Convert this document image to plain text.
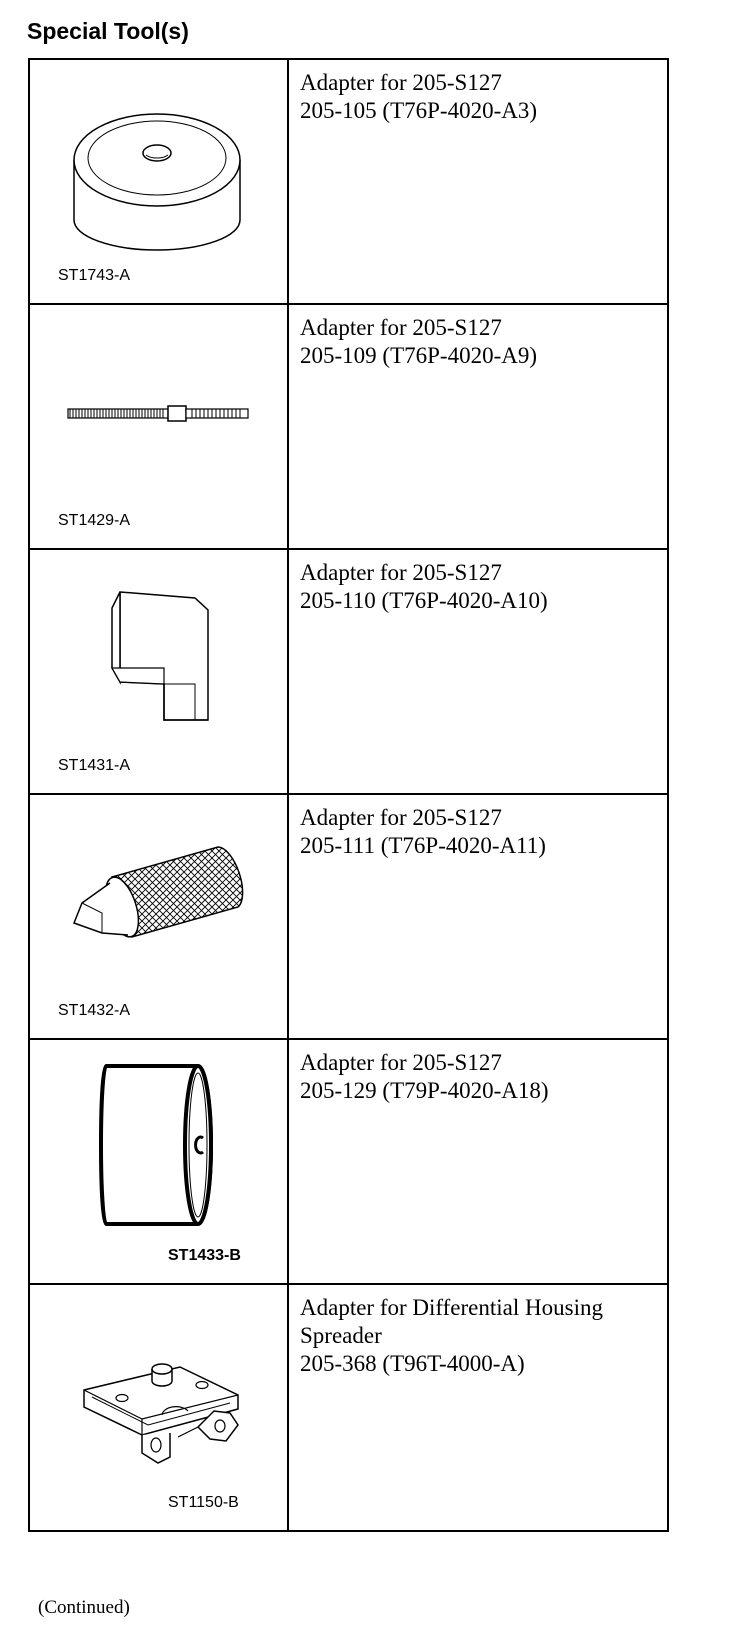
Special Tool(s)
ST1743-A	Adapter for 205-S127
205-105 (T76P-4020-A3)

ST1429-A	Adapter for 205-S127
205-109 (T76P-4020-A9)

ST1431-A	Adapter for 205-S127
205-110 (T76P-4020-A10)

ST1432-A	Adapter for 205-S127
205-111 (T76P-4020-A11)

ST1433-B	Adapter for 205-S127
205-129 (T79P-4020-A18)

ST1150-B	Adapter for Differential Housing
Spreader
205-368 (T96T-4000-A)
(Continued)
